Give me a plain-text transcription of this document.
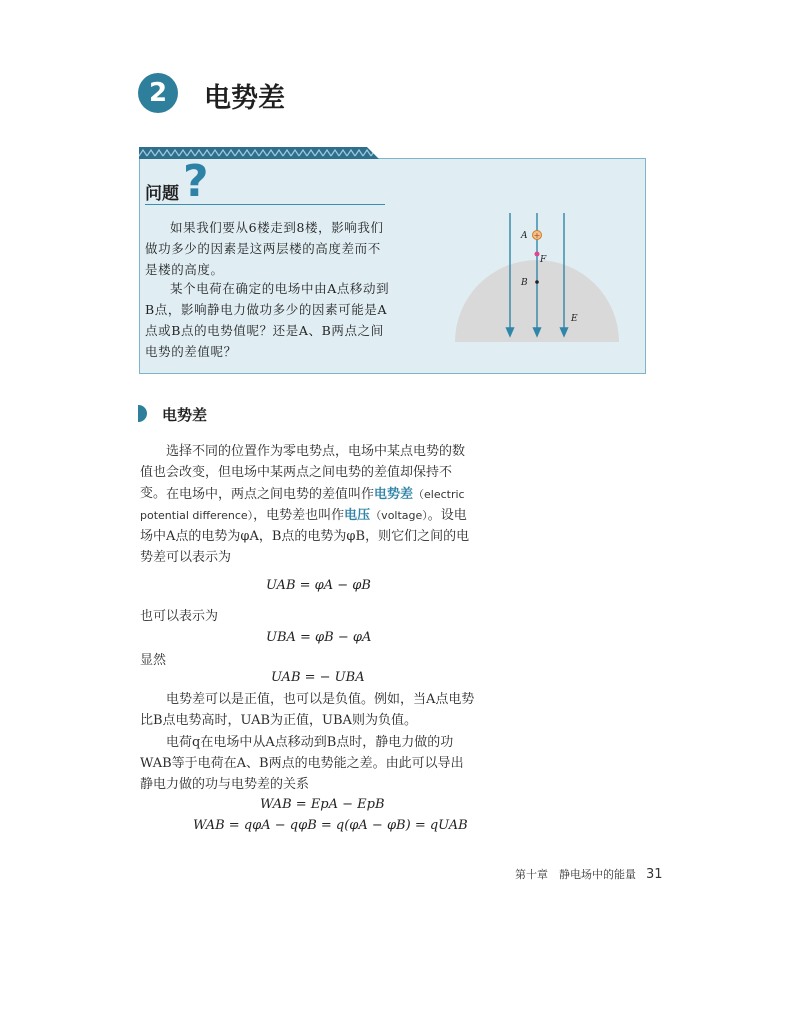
2	电势差
问题 ?
如果我们要从6楼走到8楼，影响我们做功多少的因素是这两层楼的高度差而不是楼的高度。
某个电荷在确定的电场中由A点移动到B点，影响静电力做功多少的因素可能是A点或B点的电势值呢？还是A、B两点之间电势的差值呢？
+
A
F
B
E
电势差
选择不同的位置作为零电势点，电场中某点电势的数值也会改变，但电场中某两点之间电势的差值却保持不变。 在电场中，两点之间电势的差值叫作电势差（electric potential difference），电势差也叫作电压（voltage）。设电场中A点的电势为φA，B点的电势为φB，则它们之间的电势差可以表示为
UAB = φA − φB
也可以表示为
UBA = φB − φA
显然
UAB = − UBA
电势差可以是正值，也可以是负值。例如，当A点电势比B点电势高时，UAB为正值，UBA则为负值。
电荷q在电场中从A点移动到B点时，静电力做的功WAB等于电荷在A、B两点的电势能之差。由此可以导出静电力做的功与电势差的关系
WAB = EpA − EpB
WAB = qφA − qφB = q(φA − φB) = qUAB
第十章　静电场中的能量 31
